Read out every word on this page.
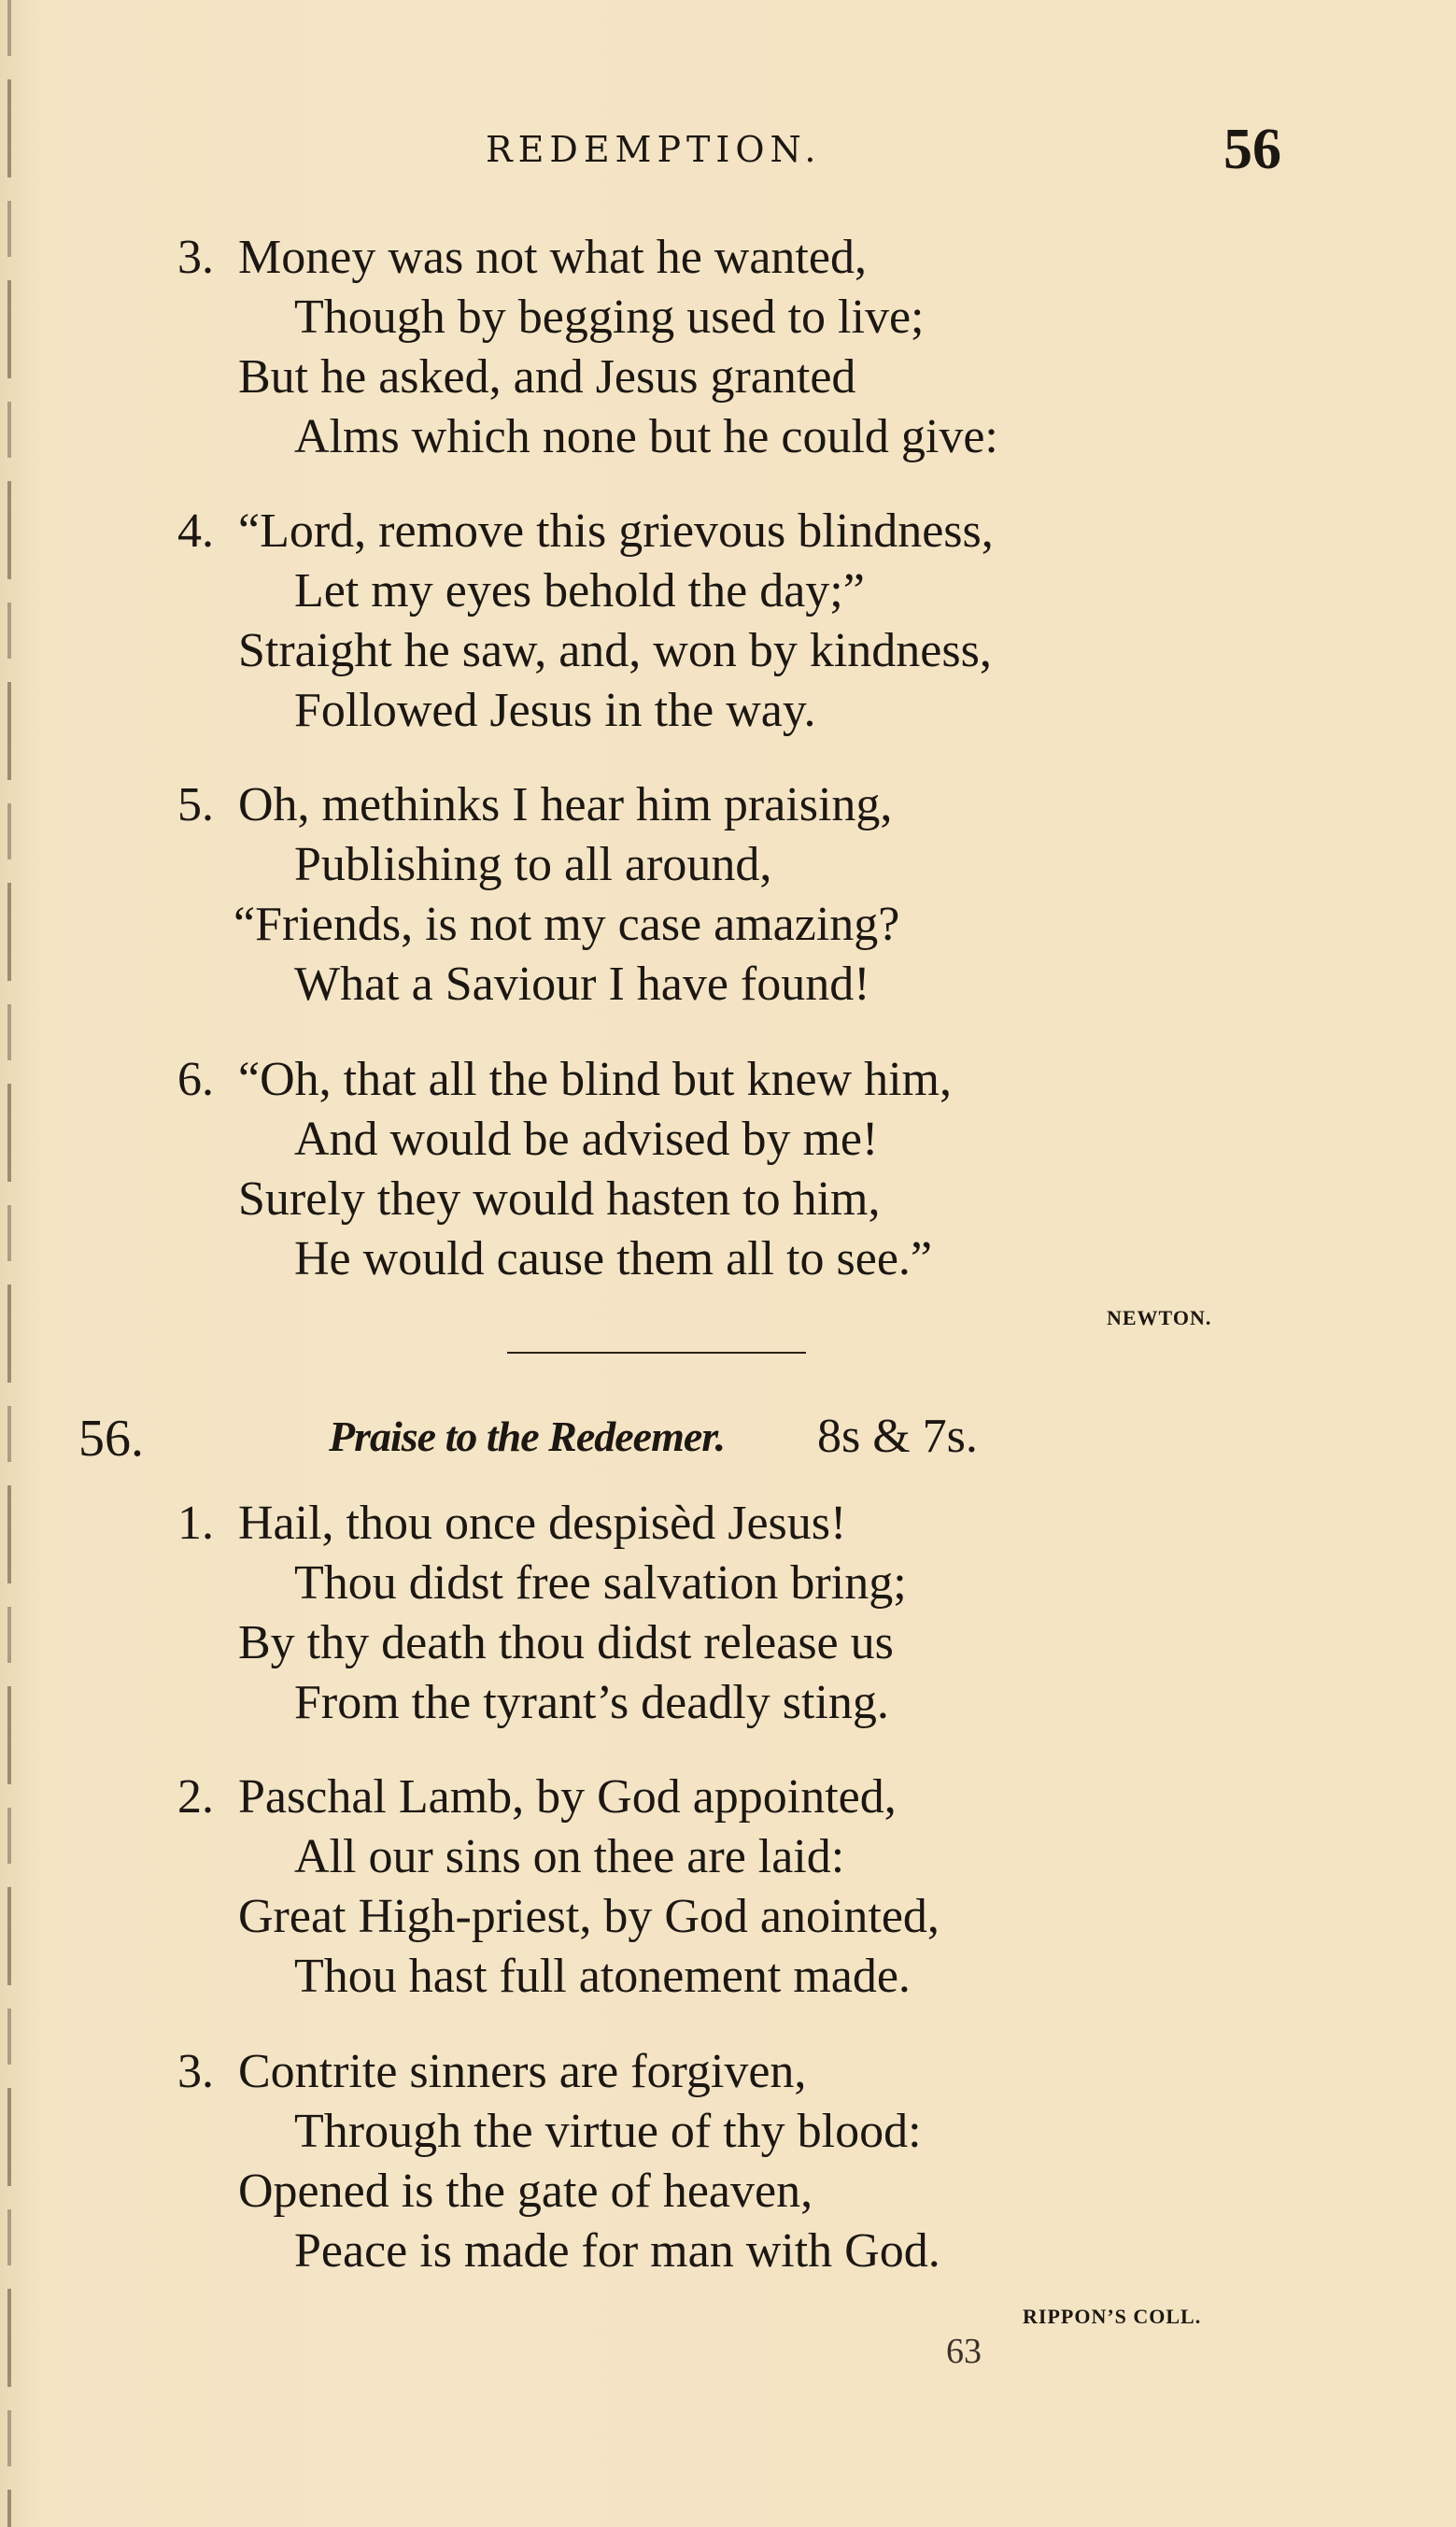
REDEMPTION.	56
3. Money was not what he wanted,
Though by begging used to live;
But he asked, and Jesus granted
Alms which none but he could give:
4. “Lord, remove this grievous blindness,
Let my eyes behold the day;”
Straight he saw, and, won by kindness,
Followed Jesus in the way.
5. Oh, methinks I hear him praising,
Publishing to all around,
“Friends, is not my case amazing?
What a Saviour I have found!
6. “Oh, that all the blind but knew him,
And would be advised by me!
Surely they would hasten to him,
He would cause them all to see.”
NEWTON.
56.	Praise to the Redeemer. 8s & 7s.
1. Hail, thou once despisèd Jesus!
Thou didst free salvation bring;
By thy death thou didst release us
From the tyrant’s deadly sting.
2. Paschal Lamb, by God appointed,
All our sins on thee are laid:
Great High-priest, by God anointed,
Thou hast full atonement made.
3. Contrite sinners are forgiven,
Through the virtue of thy blood:
Opened is the gate of heaven,
Peace is made for man with God.
RIPPON’S COLL.
63
